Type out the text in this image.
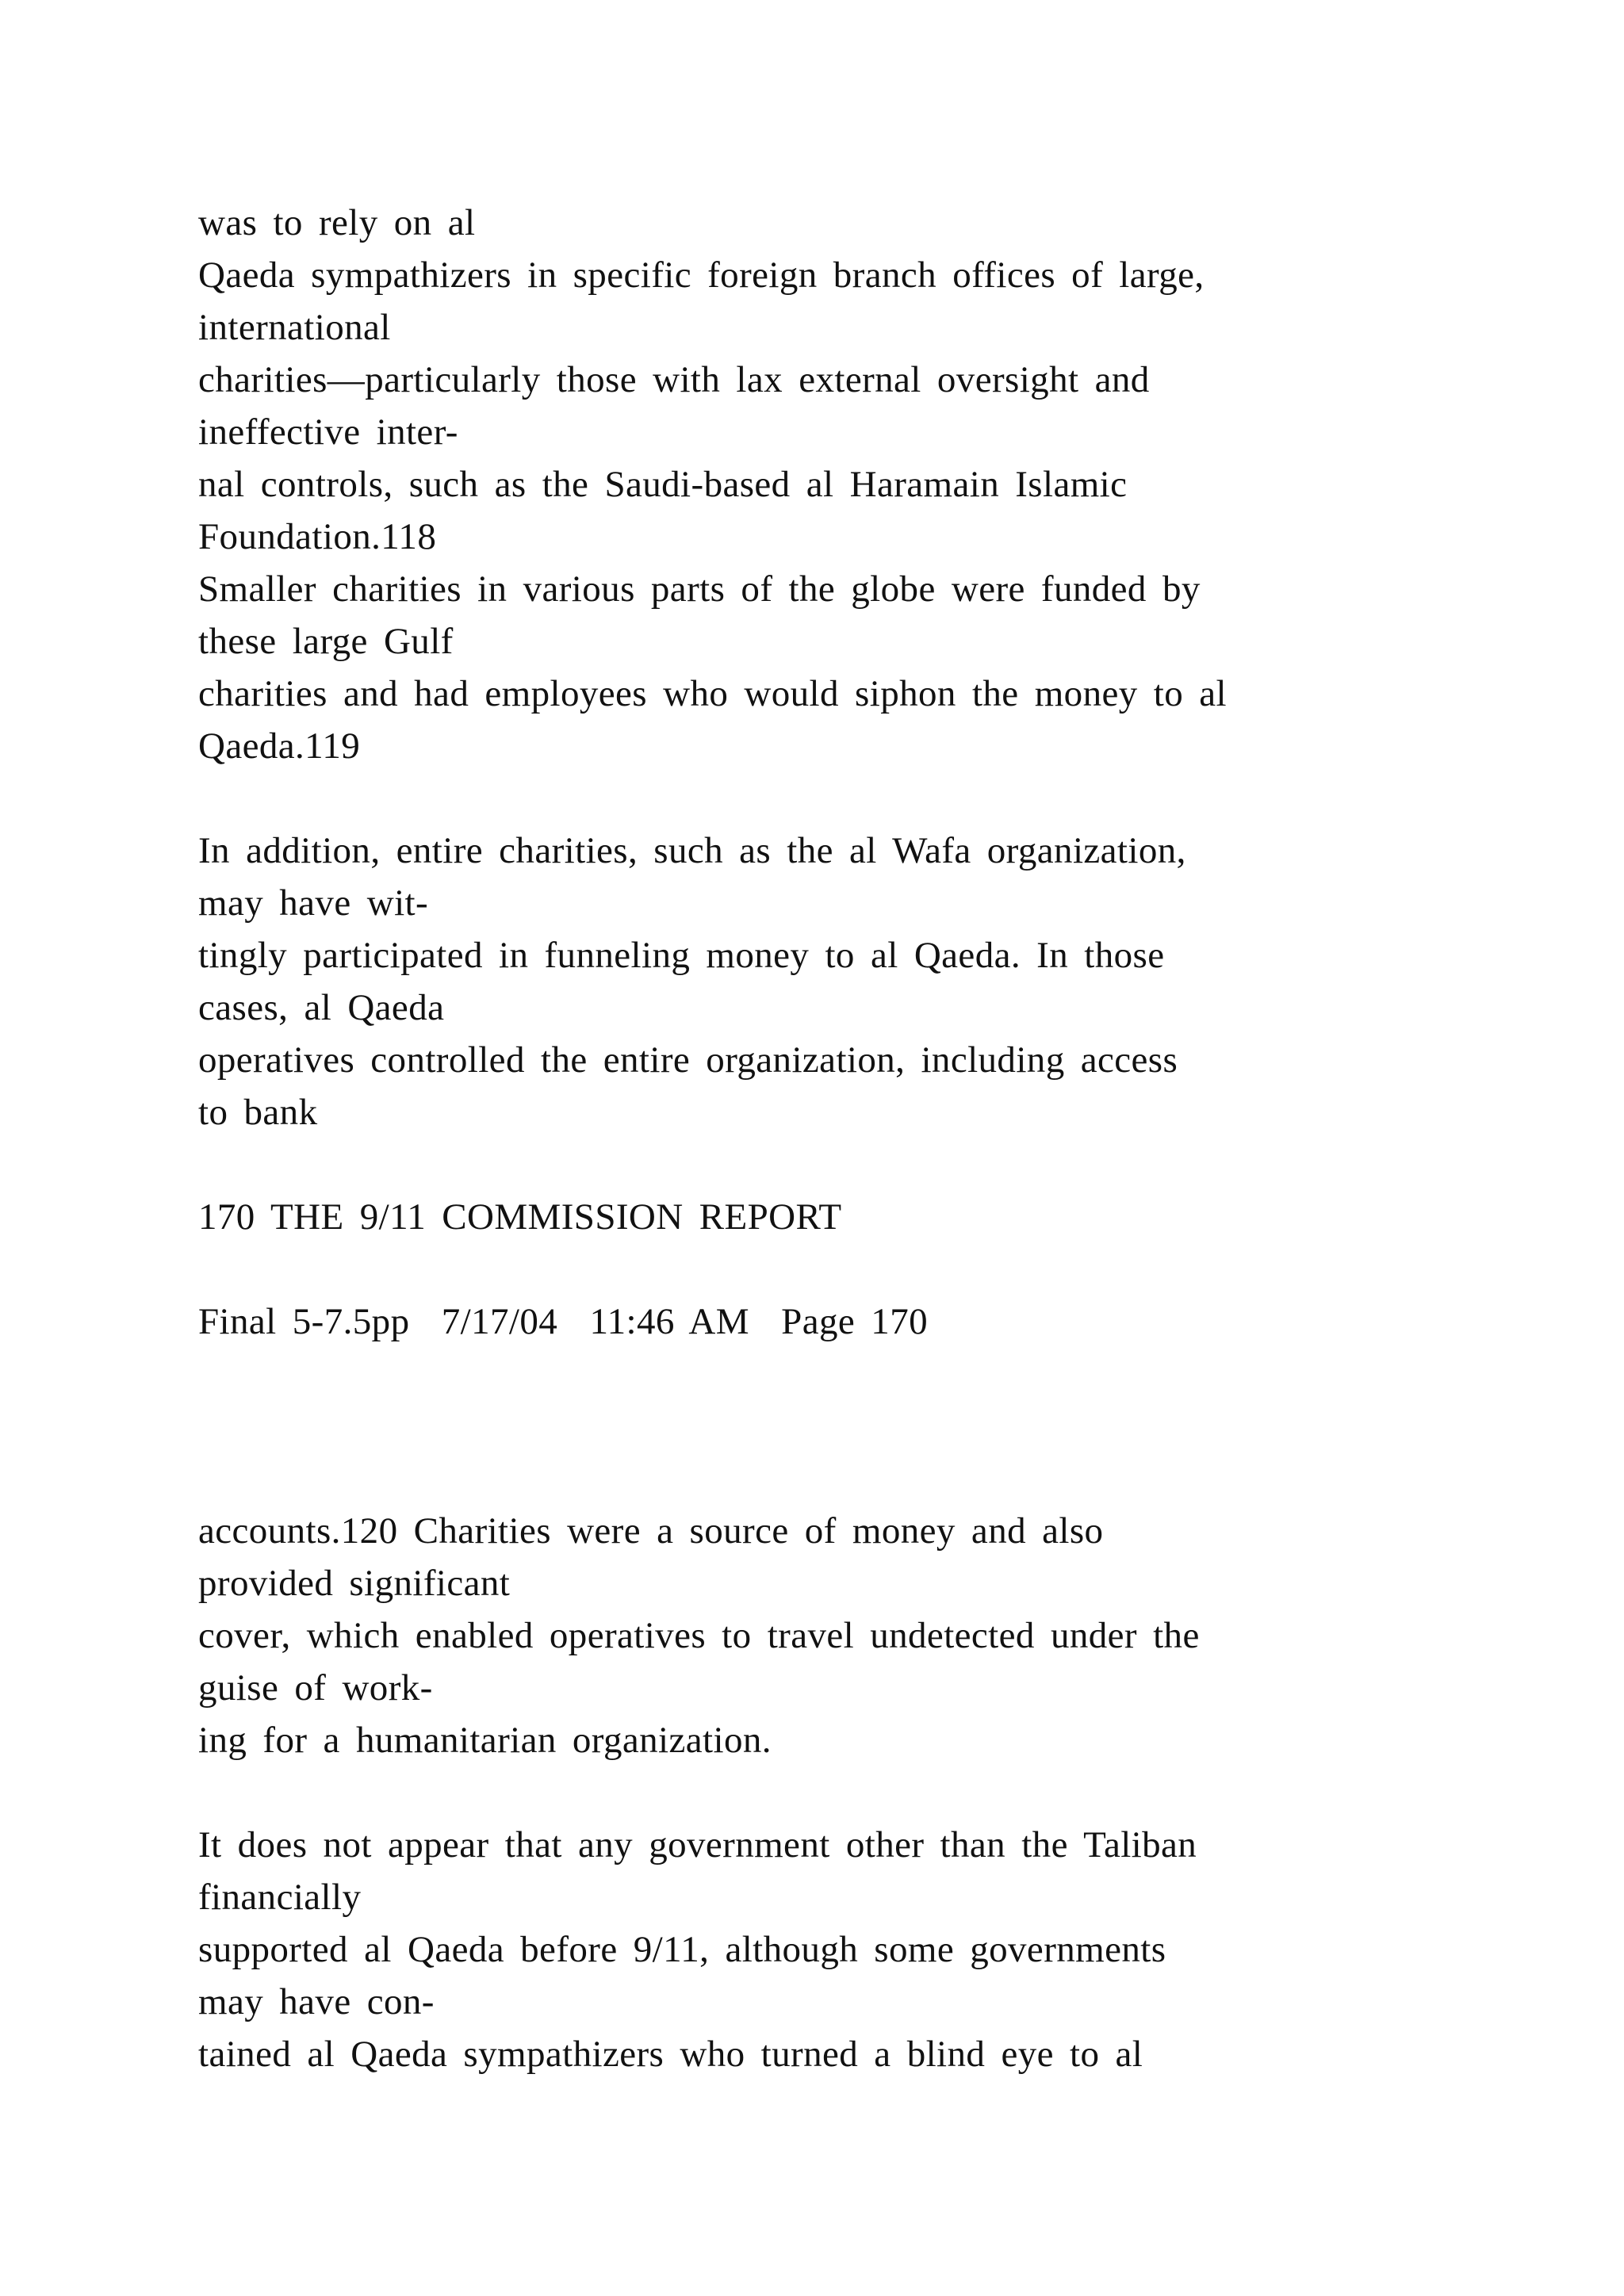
was to rely on al
Qaeda sympathizers in specific foreign branch offices of large,
international
charities—particularly those with lax external oversight and
ineffective inter-
nal controls, such as the Saudi-based al Haramain Islamic
Foundation.118
Smaller charities in various parts of the globe were funded by
these large Gulf
charities and had employees who would siphon the money to al
Qaeda.119
In addition, entire charities, such as the al Wafa organization,
may have wit-
tingly participated in funneling money to al Qaeda. In those
cases, al Qaeda
operatives controlled the entire organization, including access
to bank
170 THE 9/11 COMMISSION REPORT
Final 5-7.5pp  7/17/04  11:46 AM  Page 170
accounts.120 Charities were a source of money and also
provided significant
cover, which enabled operatives to travel undetected under the
guise of work-
ing for a humanitarian organization.
It does not appear that any government other than the Taliban
financially
supported al Qaeda before 9/11, although some governments
may have con-
tained al Qaeda sympathizers who turned a blind eye to al
